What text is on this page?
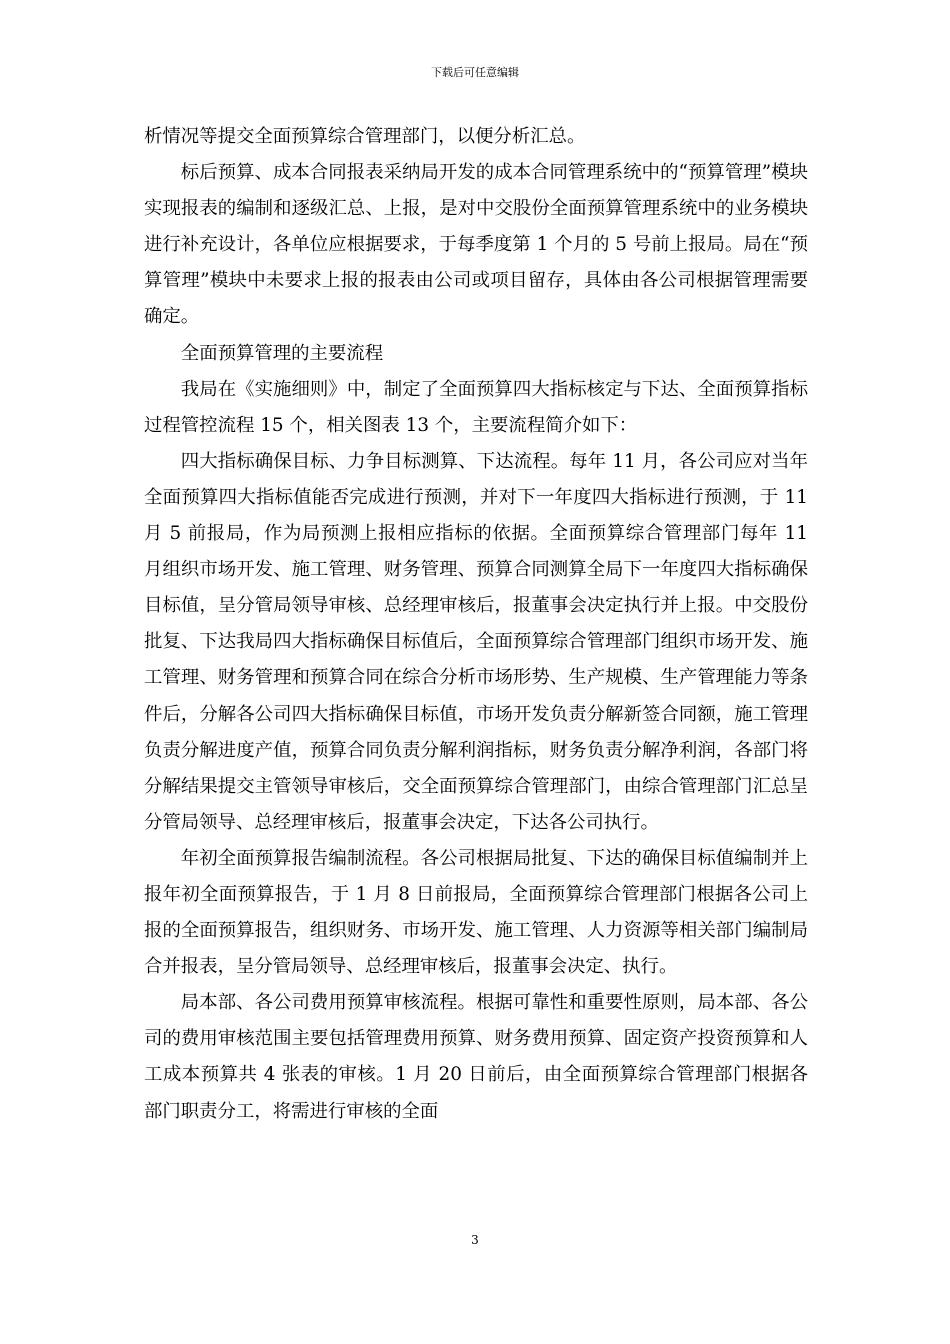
下载后可任意编辑

析情况等提交全面预算综合管理部门，以便分析汇总。

标后预算、成本合同报表采纳局开发的成本合同管理系统中的“预算管理”模块实现报表的编制和逐级汇总、上报，是对中交股份全面预算管理系统中的业务模块进行补充设计，各单位应根据要求，于每季度第 1 个月的 5 号前上报局。局在“预算管理”模块中未要求上报的报表由公司或项目留存，具体由各公司根据管理需要确定。

全面预算管理的主要流程

我局在《实施细则》中，制定了全面预算四大指标核定与下达、全面预算指标过程管控流程 15 个，相关图表 13 个，主要流程简介如下：

四大指标确保目标、力争目标测算、下达流程。每年 11 月，各公司应对当年全面预算四大指标值能否完成进行预测，并对下一年度四大指标进行预测，于 11 月 5 前报局，作为局预测上报相应指标的依据。全面预算综合管理部门每年 11 月组织市场开发、施工管理、财务管理、预算合同测算全局下一年度四大指标确保目标值，呈分管局领导审核、总经理审核后，报董事会决定执行并上报。中交股份批复、下达我局四大指标确保目标值后，全面预算综合管理部门组织市场开发、施工管理、财务管理和预算合同在综合分析市场形势、生产规模、生产管理能力等条件后，分解各公司四大指标确保目标值，市场开发负责分解新签合同额，施工管理负责分解进度产值，预算合同负责分解利润指标，财务负责分解净利润，各部门将分解结果提交主管领导审核后，交全面预算综合管理部门，由综合管理部门汇总呈分管局领导、总经理审核后，报董事会决定，下达各公司执行。

年初全面预算报告编制流程。各公司根据局批复、下达的确保目标值编制并上报年初全面预算报告，于 1 月 8 日前报局，全面预算综合管理部门根据各公司上报的全面预算报告，组织财务、市场开发、施工管理、人力资源等相关部门编制局合并报表，呈分管局领导、总经理审核后，报董事会决定、执行。

局本部、各公司费用预算审核流程。根据可靠性和重要性原则，局本部、各公司的费用审核范围主要包括管理费用预算、财务费用预算、固定资产投资预算和人工成本预算共 4 张表的审核。1 月 20 日前后，由全面预算综合管理部门根据各部门职责分工，将需进行审核的全面

3
